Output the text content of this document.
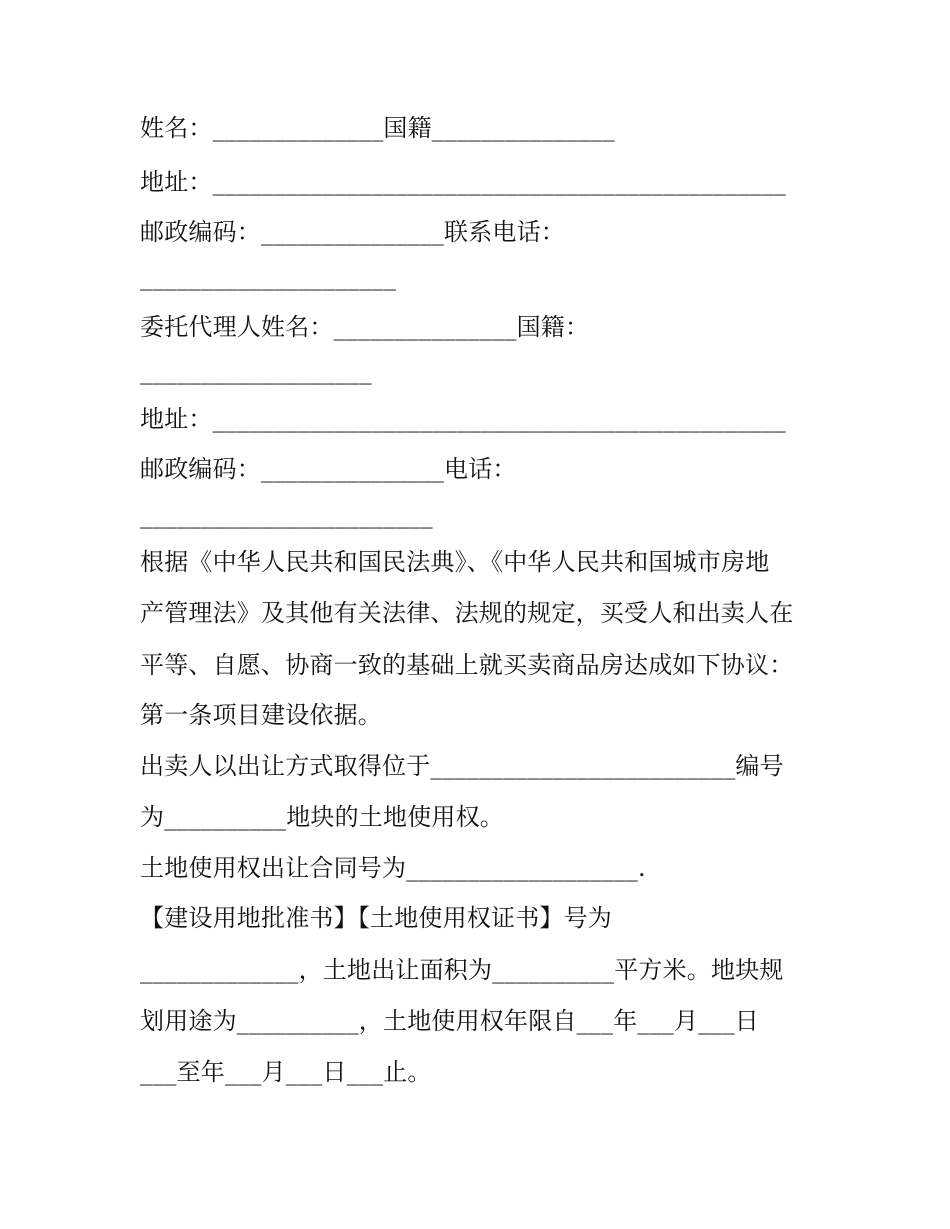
姓名：______________国籍_______________
地址：_______________________________________________
邮政编码：_______________联系电话：
_____________________
委托代理人姓名：_______________国籍：
___________________
地址：_______________________________________________
邮政编码：_______________电话：
________________________
根据《中华人民共和国民法典》、《中华人民共和国城市房地
产管理法》及其他有关法律、法规的规定，买受人和出卖人在
平等、自愿、协商一致的基础上就买卖商品房达成如下协议：
第一条项目建设依据。
出卖人以出让方式取得位于_________________________编号
为__________地块的土地使用权。
土地使用权出让合同号为___________________.
【建设用地批准书】【土地使用权证书】号为
_____________，土地出让面积为__________平方米。地块规
划用途为__________，土地使用权年限自___年___月___日
___至年___月___日___止。
